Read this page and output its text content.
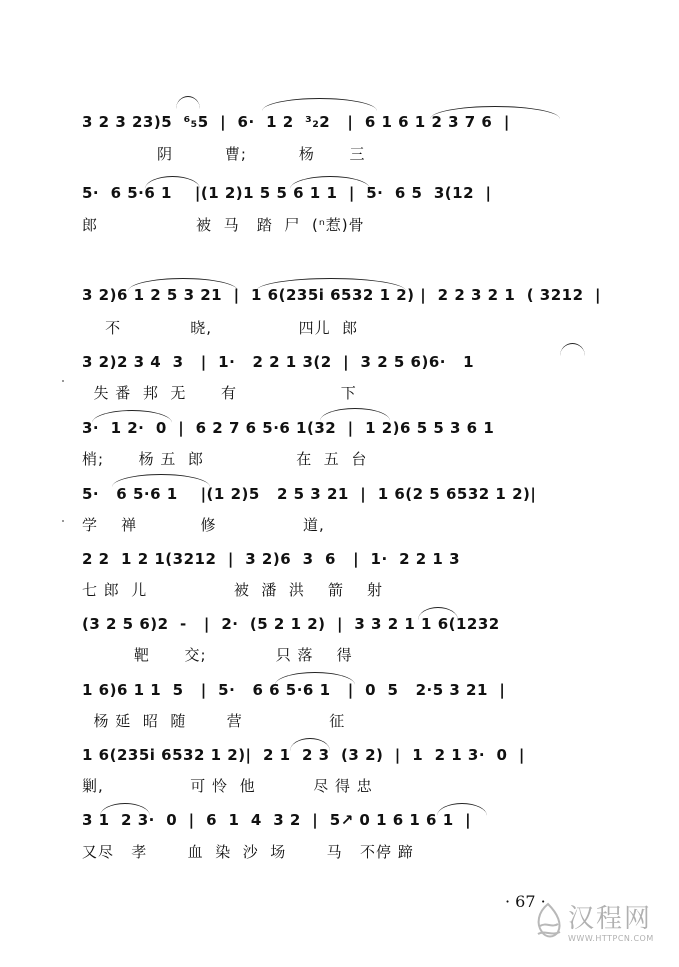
3 2 3 23)5  ⁶₅5  |  6·  1 2  ³₂2   |  6 1 6 1 2 3 7 6  |
阴         曹;         杨      三
5·  6 5·6 1    |(1 2)1 5 5 6 1 1  |  5·  6 5  3(12  |
郎                 被  马   踏  尸  (ⁿ惹)骨
3 2)6 1 2 5 3 21  |  1 6(235i 6532 1 2) |  2 2 3 2 1  ( 3212  |
不            晓,               四儿  郎
3 2)2 3 4  3   |  1·   2 2 1 3(2  |  3 2 5 6)6·   1
失 番  邦  无      有                  下
3·  1 2·  0  |  6 2 7 6 5·6 1(32  |  1 2)6 5 5 3 6 1
梢;      杨 五  郎                在  五  台
5·   6 5·6 1    |(1 2)5   2 5 3 21  |  1 6(2 5 6532 1 2)|
学    禅           修               道,
2 2  1 2 1(3212  |  3 2)6  3  6   |  1·  2 2 1 3
七 郎  儿               被  潘  洪    箭    射
(3 2 5 6)2  -   |  2·  (5 2 1 2)  |  3 3 2 1 1 6(1232
靶      交;            只 落    得
1 6)6 1 1  5   |  5·   6 6 5·6 1   |  0  5   2·5 3 21  |
杨 延  昭  随       营               征
1 6(235i 6532 1 2)|  2 1  2 3  (3 2)  |  1  2 1 3·  0  |
剿,               可 怜  他          尽 得 忠
3 1  2 3·  0  |  6  1  4  3 2  |  5↗ 0 1 6 1 6 1  |
又尽   孝       血  染  沙  场       马   不停 蹄
· 67 ·
汉程网
WWW.HTTPCN.COM
